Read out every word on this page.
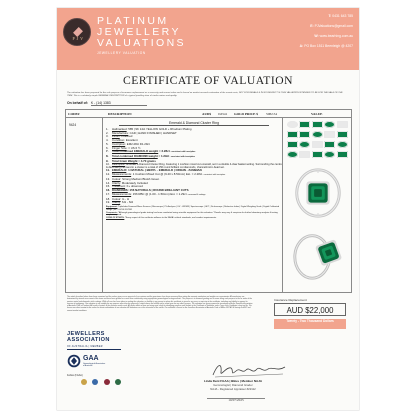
P J V
PLATINUM
JEWELLERY
VALUATIONS
JEWELLERY VALUATION
T: 0431 643 785
E: PJValuations@gmail.com
W: www.bearhing.com.au
A: PO Box 1511 Beenleigh @ 4207
CERTIFICATE OF VALUATION
The valuation has been prepared for the sole purpose of insurance replacement as a necessity and current value and is based on market research estimation of the recent costs, NOT FOR RESALE & IN NO RESPECT IS THIS VALUATION INTENDED TO BE FOR THE SALE OF THE ITEM. This is a relatively simple GENERAL DESCRIPTION of a typical jewellery item of similar nature and quality.
On behalf of: K - (14) 1383
CODE#	DESCRIPTION	AUD$ 0.6541 GOLD PRICE $ 5082.54	VALUE
9424	Emerald & Diamond Cluster Ring
1. Hallmarked: 585 | 9K 14ct YELLOW GOLD + Rhodium Plating
2. Manufacture: CAD | HAND FINISHED | HANDSET
3. Finish: Polished
4. Condition: Excellent
5. Inscription: EM2.28ct D1.29ct
6. Finger Size: = US 6 ½
7. Total combined EMERALD weight = 2.28ct - consistent with inscription
8. Total combined DIAMOND weight = 1.29ct - consistent with inscription
9. Total Gram Weight = 4.70 grams
10. Description: Emerald & Diamond Cluster Ring. Featuring 1 cushion mixed cut emerald, set in a double 4-claw basket setting. Surrounding the centre & decorating the band in a cluster is a total of 156 round brilliant cut diamonds, channel/micro-bead set.
11. EMERALD: 1 NATURAL | BERYL - EMERALD | ORIGIN - ZAMBIAN
12. Measurements: 1 Cushion Mixed Cut @ (9.40 x 8.50mm) Est. = 2.28ct - consistent with inscription
13. Colour: Strong Medium Bluish Green
14. Clarity: Moderately Included
15. Treatment: F+ observed
16. DIAMONDS: 156 NATURALS | ROUND BRILLIANT CUTS
17. Measurements: 156 RBC @ (1.00 - 1.50mm) Est. = 1.29ct - measured & settings
18. Colour: G - H
19. Clarity: SI1 - SI2
Equipment: Triplehobo Diamond Meso Scanner | Microscope | PL Analyser | UV - LW/SW | Spectroscope | GFT | Dichroscope | Refractive Index | Digital Weighing Scale | Digital Calibrated Gauge | RF - UV/LE FILTER
Comments: *Although gemmological grade testing has been conducted using scientific equipment for this valuation. *Results may vary & suspicion for further laboratory analysis & testing may be required.
CODE OF ETHICS: *Every aspect of this certificate adheres to the NAJA's ethical standards, and conduct requirements.
The article described above have been examined and the values given are an appraisal of our opinion and the gemstones have been measured then noting the accurate evaluation and weights are approximate. All conclusions are determined by eternal assessment of the items and have been graded on a more than satisfactory using appropriate gemmological testing methods. The purpose is to diamond grading was to come using such purpose to the for value of the precious metal and diamonds at the settings. While all care has been taken in making the valuation, no liability is any person to whom this certificate is given for any error or omission in the certificate, including any liability to anyone for reasons of negligence. Our valuation is not suitable for any purpose other than the purpose(s) stated above and should not be relied upon for any other purpose. The valuation has been prepared in accordance with the Jewellers Association of Australia Code of Conduct. All results of metals & the precious metals used. All photos taken of item are being used solely for identifying purposes and include in the Certificate of Valuation, and a Copy of the Certificate is kept on file. The Insurer can direct contact to the valuer for direct confirmation of our valuation. All valuations are at the discretion of the valuer. Our valuation is based on the Jewellers Association of Australia Code of Ethics NCCAO & Society for 4537 and current market conditions.
Insurance Replacement
AUD $22,000
Twenty - Two Thousand Dollars
JEWELLERS
ASSOCIATION
OF AUSTRALIA | MEMBER
GAA
Gemmological Association
of Australia
Fellow (FGAA)

Linda Dent FGAA | BBus | Member NAJA
Gemmologist | Diamond Grader
NAJA - Registered Appraiser #22112
10/07/2025
